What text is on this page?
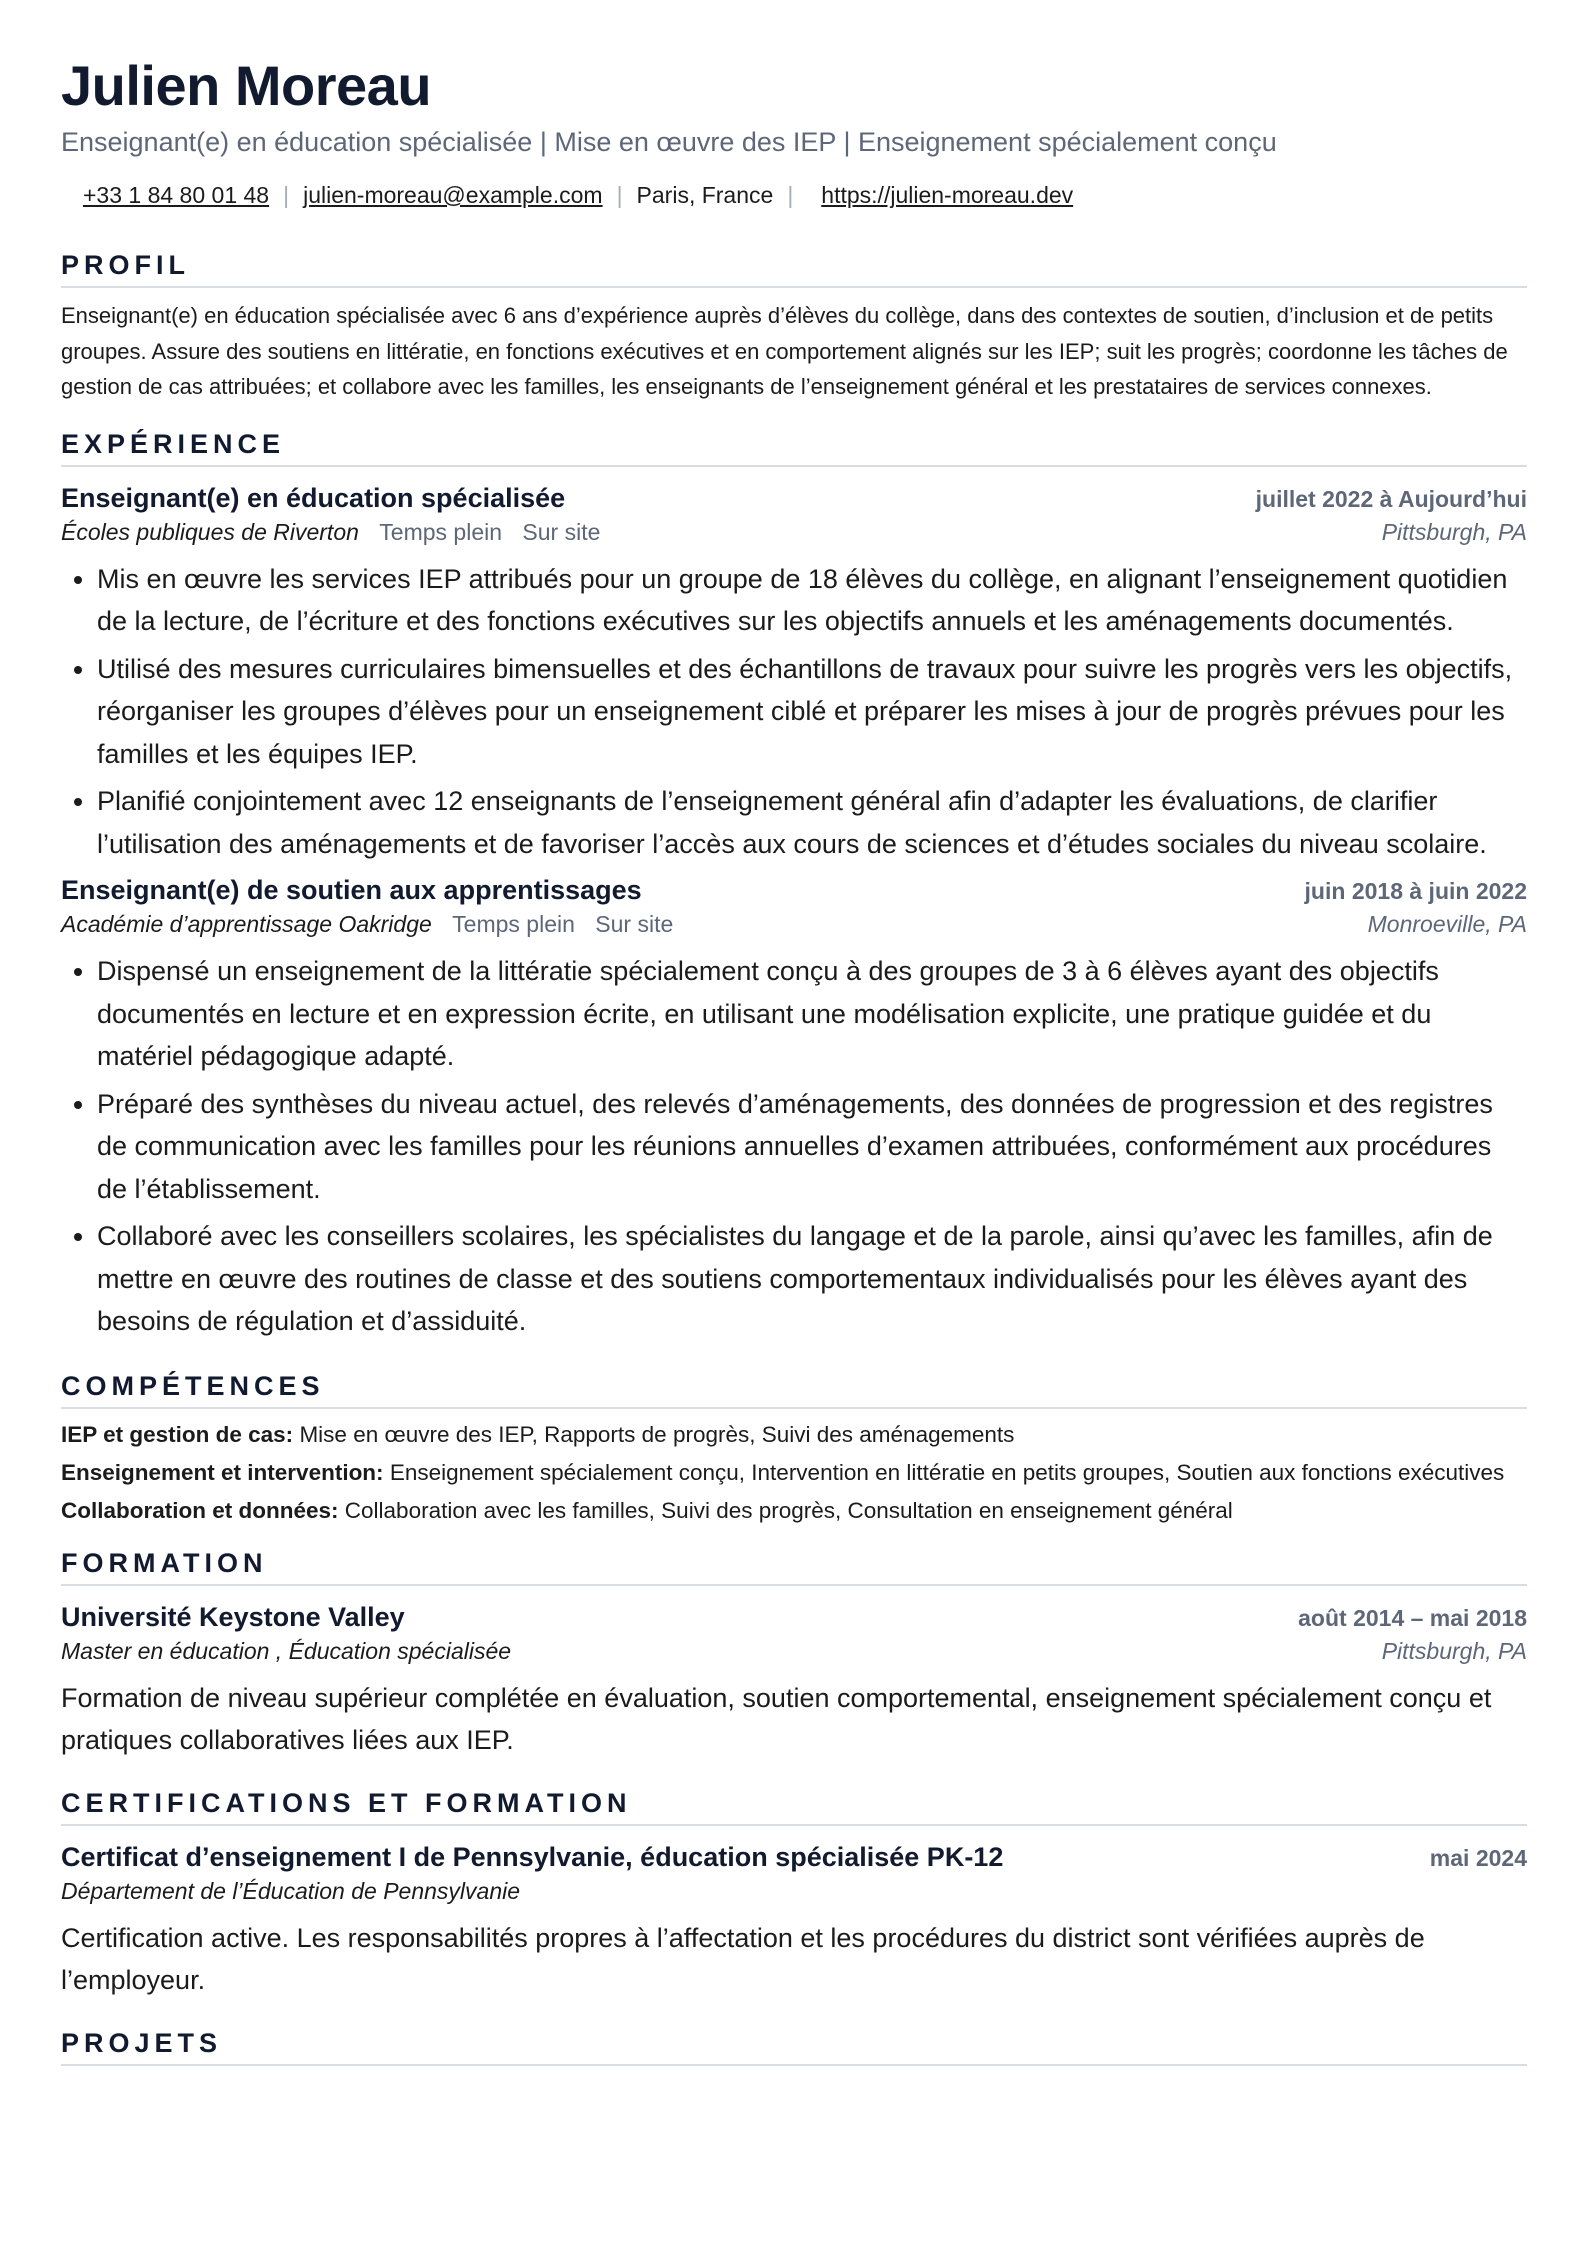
Julien Moreau
Enseignant(e) en éducation spécialisée | Mise en œuvre des IEP | Enseignement spécialement conçu
+33 1 84 80 01 48 | julien-moreau@example.com | Paris, France | https://julien-moreau.dev
PROFIL
Enseignant(e) en éducation spécialisée avec 6 ans d’expérience auprès d’élèves du collège, dans des contextes de soutien, d’inclusion et de petits groupes. Assure des soutiens en littératie, en fonctions exécutives et en comportement alignés sur les IEP; suit les progrès; coordonne les tâches de gestion de cas attribuées; et collabore avec les familles, les enseignants de l’enseignement général et les prestataires de services connexes.
EXPÉRIENCE
Enseignant(e) en éducation spécialisée	juillet 2022 à Aujourd’hui
Écoles publiques de Riverton Temps plein Sur site	Pittsburgh, PA
• Mis en œuvre les services IEP attribués pour un groupe de 18 élèves du collège, en alignant l’enseignement quotidien de la lecture, de l’écriture et des fonctions exécutives sur les objectifs annuels et les aménagements documentés.
• Utilisé des mesures curriculaires bimensuelles et des échantillons de travaux pour suivre les progrès vers les objectifs, réorganiser les groupes d’élèves pour un enseignement ciblé et préparer les mises à jour de progrès prévues pour les familles et les équipes IEP.
• Planifié conjointement avec 12 enseignants de l’enseignement général afin d’adapter les évaluations, de clarifier l’utilisation des aménagements et de favoriser l’accès aux cours de sciences et d’études sociales du niveau scolaire.
Enseignant(e) de soutien aux apprentissages	juin 2018 à juin 2022
Académie d’apprentissage Oakridge Temps plein Sur site	Monroeville, PA
• Dispensé un enseignement de la littératie spécialement conçu à des groupes de 3 à 6 élèves ayant des objectifs documentés en lecture et en expression écrite, en utilisant une modélisation explicite, une pratique guidée et du matériel pédagogique adapté.
• Préparé des synthèses du niveau actuel, des relevés d’aménagements, des données de progression et des registres de communication avec les familles pour les réunions annuelles d’examen attribuées, conformément aux procédures de l’établissement.
• Collaboré avec les conseillers scolaires, les spécialistes du langage et de la parole, ainsi qu’avec les familles, afin de mettre en œuvre des routines de classe et des soutiens comportementaux individualisés pour les élèves ayant des besoins de régulation et d’assiduité.
COMPÉTENCES
IEP et gestion de cas: Mise en œuvre des IEP, Rapports de progrès, Suivi des aménagements
Enseignement et intervention: Enseignement spécialement conçu, Intervention en littératie en petits groupes, Soutien aux fonctions exécutives
Collaboration et données: Collaboration avec les familles, Suivi des progrès, Consultation en enseignement général
FORMATION
Université Keystone Valley	août 2014 – mai 2018
Master en éducation , Éducation spécialisée	Pittsburgh, PA
Formation de niveau supérieur complétée en évaluation, soutien comportemental, enseignement spécialement conçu et pratiques collaboratives liées aux IEP.
CERTIFICATIONS ET FORMATION
Certificat d’enseignement I de Pennsylvanie, éducation spécialisée PK-12	mai 2024
Département de l’Éducation de Pennsylvanie
Certification active. Les responsabilités propres à l’affectation et les procédures du district sont vérifiées auprès de l’employeur.
PROJETS
